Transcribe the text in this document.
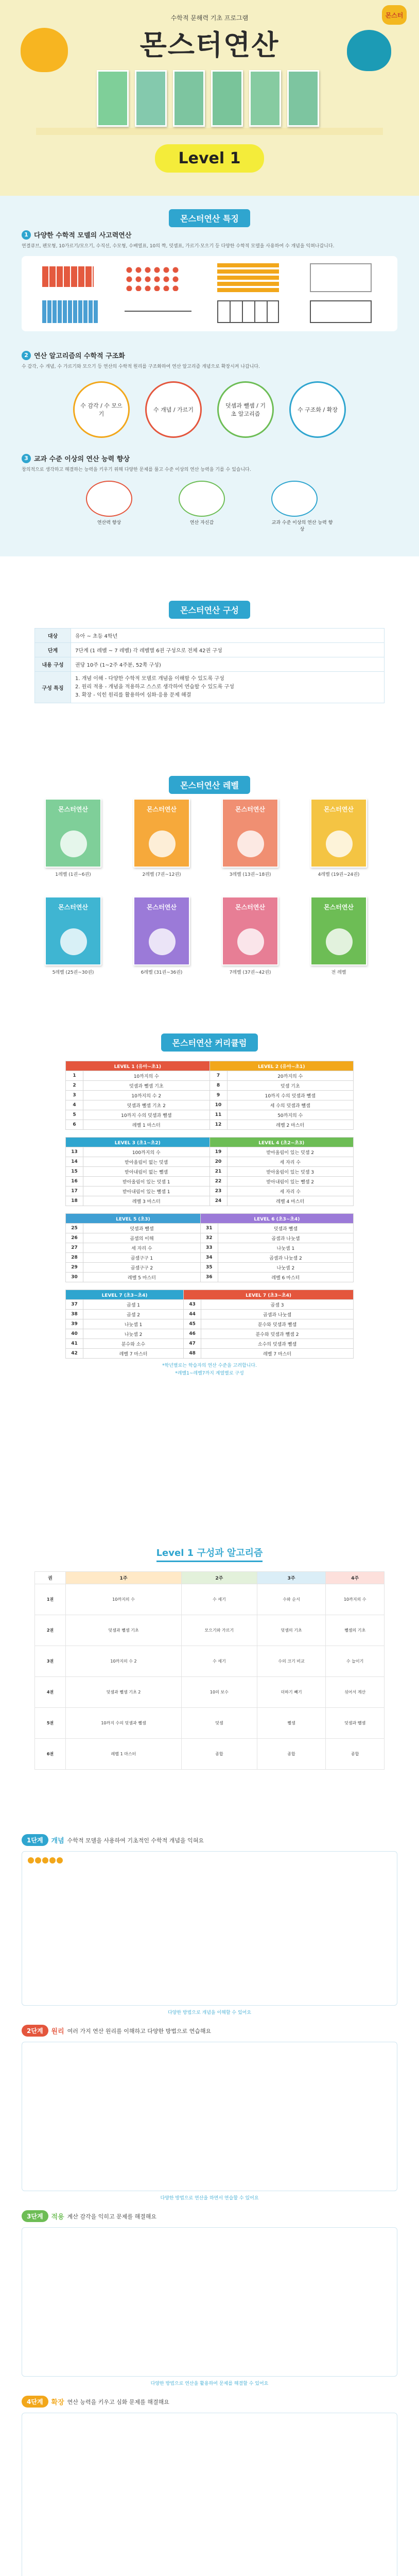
몬스터
수학적 문해력 기초 프로그램
몬스터연산
Level 1
몬스터연산 특징
1 다양한 수학적 모델의 사고력연산
연결큐브, 펜모형, 10가르기/모으기, 수직선, 수모형, 수배열표, 10의 짝, 덧셈표, 가르기·모으기 등 다양한 수학적 모델을 사용하여 수 개념을 익혀나갑니다.
2 연산 알고리즘의 수학적 구조화
수 감각, 수 개념, 수 가르기와 모으기 등 연산의 수학적 원리를 구조화하여 연산 알고리즘 개념으로 확장시켜 나갑니다.
수 감각 / 수 모으기
수 개념 / 가르기
덧셈과 뺄셈 / 기초 알고리즘
수 구조화 / 확장
3 교과 수준 이상의 연산 능력 향상
창의적으로 생각하고 해결하는 능력을 키우기 위해 다양한 문제를 풀고 수준 이상의 연산 능력을 기를 수 있습니다.
연산력 향상	연산 자신감	교과 수준 이상의 연산 능력 향상
몬스터연산 구성
대상	유아 ~ 초등 4학년
단계	7단계 (1 레벨 ~ 7 레벨) 각 레벨별 6권 구성으로 전체 42권 구성
내용 구성	권당 10주 (1~2주 4주분, 52쪽 구성)
구성 특징	1. 개념 이해 - 다양한 수학적 모델로 개념을 이해할 수 있도록 구성
2. 원리 적용 - 개념을 적용하고 스스로 생각하여 연습할 수 있도록 구성
3. 확장 - 익힌 원리를 활용하여 심화·응용 문제 해결
몬스터연산 레벨
몬스터연산
1레벨 (1권~6권)
몬스터연산
2레벨 (7권~12권)
몬스터연산
3레벨 (13권~18권)
몬스터연산
4레벨 (19권~24권)
몬스터연산
5레벨 (25권~30권)
몬스터연산
6레벨 (31권~36권)
몬스터연산
7레벨 (37권~42권)
몬스터연산
전 레벨
몬스터연산 커리큘럼
LEVEL 1 (유아~초1)		LEVEL 2 (유아~초1)	
1	10까지의 수	7	20까지의 수
2	덧셈과 뺄셈 기초	8	덧셈 기초
3	10까지의 수 2	9	10까지 수의 덧셈과 뺄셈
4	덧셈과 뺄셈 기초 2	10	세 수의 덧셈과 뺄셈
5	10까지 수의 덧셈과 뺄셈	11	50까지의 수
6	레벨 1 마스터	12	레벨 2 마스터
LEVEL 3 (초1~초2)		LEVEL 4 (초2~초3)	
13	100까지의 수	19	받아올림이 있는 덧셈 2
14	받아올림이 없는 덧셈	20	세 자리 수
15	받아내림이 없는 뺄셈	21	받아올림이 있는 덧셈 3
16	받아올림이 있는 덧셈 1	22	받아내림이 있는 뺄셈 2
17	받아내림이 있는 뺄셈 1	23	세 자리 수
18	레벨 3 마스터	24	레벨 4 마스터
LEVEL 5 (초3)		LEVEL 6 (초3~초4)	
25	덧셈과 뺄셈	31	덧셈과 뺄셈
26	곱셈의 이해	32	곱셈과 나눗셈
27	세 자리 수	33	나눗셈 1
28	곱셈구구 1	34	곱셈과 나눗셈 2
29	곱셈구구 2	35	나눗셈 2
30	레벨 5 마스터	36	레벨 6 마스터
LEVEL 7 (초3~초4)		LEVEL 7 (초3~초4)	
37	곱셈 1	43	곱셈 3
38	곱셈 2	44	곱셈과 나눗셈
39	나눗셈 1	45	분수와 덧셈과 뺄셈
40	나눗셈 2	46	분수와 덧셈과 뺄셈 2
41	분수와 소수	47	소수의 덧셈과 뺄셈
42	레벨 7 마스터	48	레벨 7 마스터
*학년별로는 학습자의 연산 수준을 고려합니다.
*레벨1~레벨7까지 계열별로 구성
Level 1 구성과 알고리즘
권	1주	2주	3주	4주
1권	10까지의 수	수 세기	수와 순서	10까지의 수
2권	덧셈과 뺄셈 기초	모으기와 가르기	덧셈의 기초	뺄셈의 기초
3권	10까지의 수 2	수 세기	수의 크기 비교	수 늘이기
4권	덧셈과 뺄셈 기초 2	10의 보수	더하기 빼기	섞어서 계산
5권	10까지 수의 덧셈과 뺄셈	덧셈	뺄셈	덧셈과 뺄셈
6권	레벨 1 마스터	종합	종합	종합
1단계	개념 수학적 모델을 사용하여 기초적인 수학적 개념을 익혀요
다양한 방법으로 개념을 이해할 수 있어요
2단계	원리 여러 가지 연산 원리를 이해하고 다양한 방법으로 연습해요
다양한 방법으로 연산을 하면서 연습할 수 있어요
3단계	적용 계산 감각을 익히고 문제를 해결해요
다양한 방법으로 연산을 활용하여 문제를 해결할 수 있어요
4단계	확장 연산 능력을 키우고 심화 문제를 해결해요
